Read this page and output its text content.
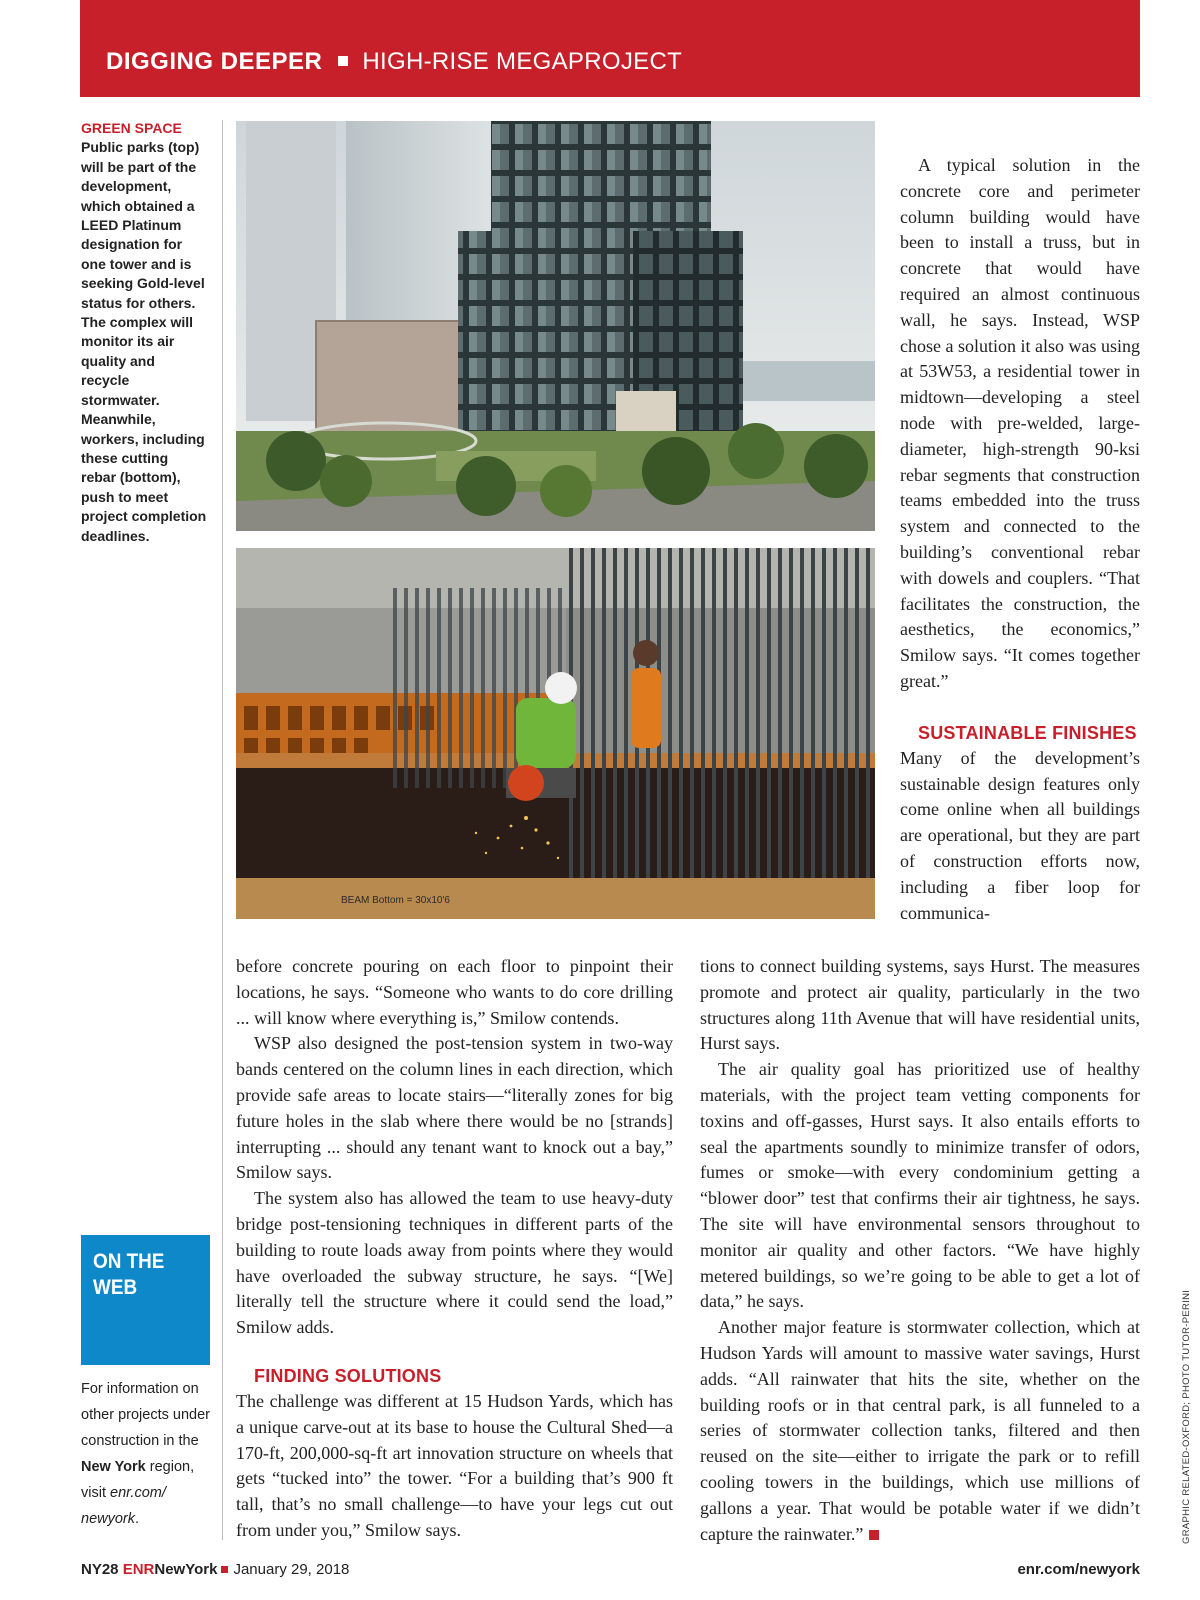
DIGGING DEEPER HIGH-RISE MEGAPROJECT
GREEN SPACE
Public parks (top) will be part of the development, which obtained a LEED Platinum designation for one tower and is seeking Gold-level status for others. The complex will monitor its air quality and recycle stormwater. Meanwhile, workers, including these cutting rebar (bottom), push to meet project completion deadlines.
ON THE
WEB
For information on other projects under construction in the New York region, visit enr.com/ newyork.
BEAM Bottom = 30x10'6

A typical solution in the concrete core and perimeter column building would have been to install a truss, but in concrete that would have required an almost continuous wall, he says. Instead, WSP chose a solution it also was using at 53W53, a residential tower in midtown—developing a steel node with pre-welded, large-diameter, high-strength 90-ksi rebar segments that construction teams embedded into the truss system and connected to the building’s conventional rebar with dowels and couplers. “That facilitates the construction, the aesthetics, the economics,” Smilow says. “It comes together great.”

SUSTAINABLE FINISHES

Many of the development’s sustainable design features only come online when all buildings are operational, but they are part of construction efforts now, including a fiber loop for communica-

before concrete pouring on each floor to pinpoint their locations, he says. “Someone who wants to do core drilling ... will know where everything is,” Smilow contends.

WSP also designed the post-tension system in two-way bands centered on the column lines in each direction, which provide safe areas to locate stairs—“literally zones for big future holes in the slab where there would be no [strands] interrupting ... should any tenant want to knock out a bay,” Smilow says.

The system also has allowed the team to use heavy-duty bridge post-tensioning techniques in different parts of the building to route loads away from points where they would have overloaded the subway structure, he says. “[We] literally tell the structure where it could send the load,” Smilow adds.

FINDING SOLUTIONS

The challenge was different at 15 Hudson Yards, which has a unique carve-out at its base to house the Cultural Shed—a 170-ft, 200,000-sq-ft art innovation structure on wheels that gets “tucked into” the tower. “For a building that’s 900 ft tall, that’s no small challenge—to have your legs cut out from under you,” Smilow says.

tions to connect building systems, says Hurst. The measures promote and protect air quality, particularly in the two structures along 11th Avenue that will have residential units, Hurst says.

The air quality goal has prioritized use of healthy materials, with the project team vetting components for toxins and off-gasses, Hurst says. It also entails efforts to seal the apartments soundly to minimize transfer of odors, fumes or smoke—with every condominium getting a “blower door” test that confirms their air tightness, he says. The site will have environmental sensors throughout to monitor air quality and other factors. “We have highly metered buildings, so we’re going to be able to get a lot of data,” he says.

Another major feature is stormwater collection, which at Hudson Yards will amount to massive water savings, Hurst adds. “All rainwater that hits the site, whether on the building roofs or in that central park, is all funneled to a series of stormwater collection tanks, filtered and then reused on the site—either to irrigate the park or to refill cooling towers in the buildings, which use millions of gallons a year. That would be potable water if we didn’t capture the rainwater.”	GRAPHIC RELATED-OXFORD; PHOTO TUTOR-PERINI
NY28 ENRNewYork January 29, 2018	enr.com/newyork
